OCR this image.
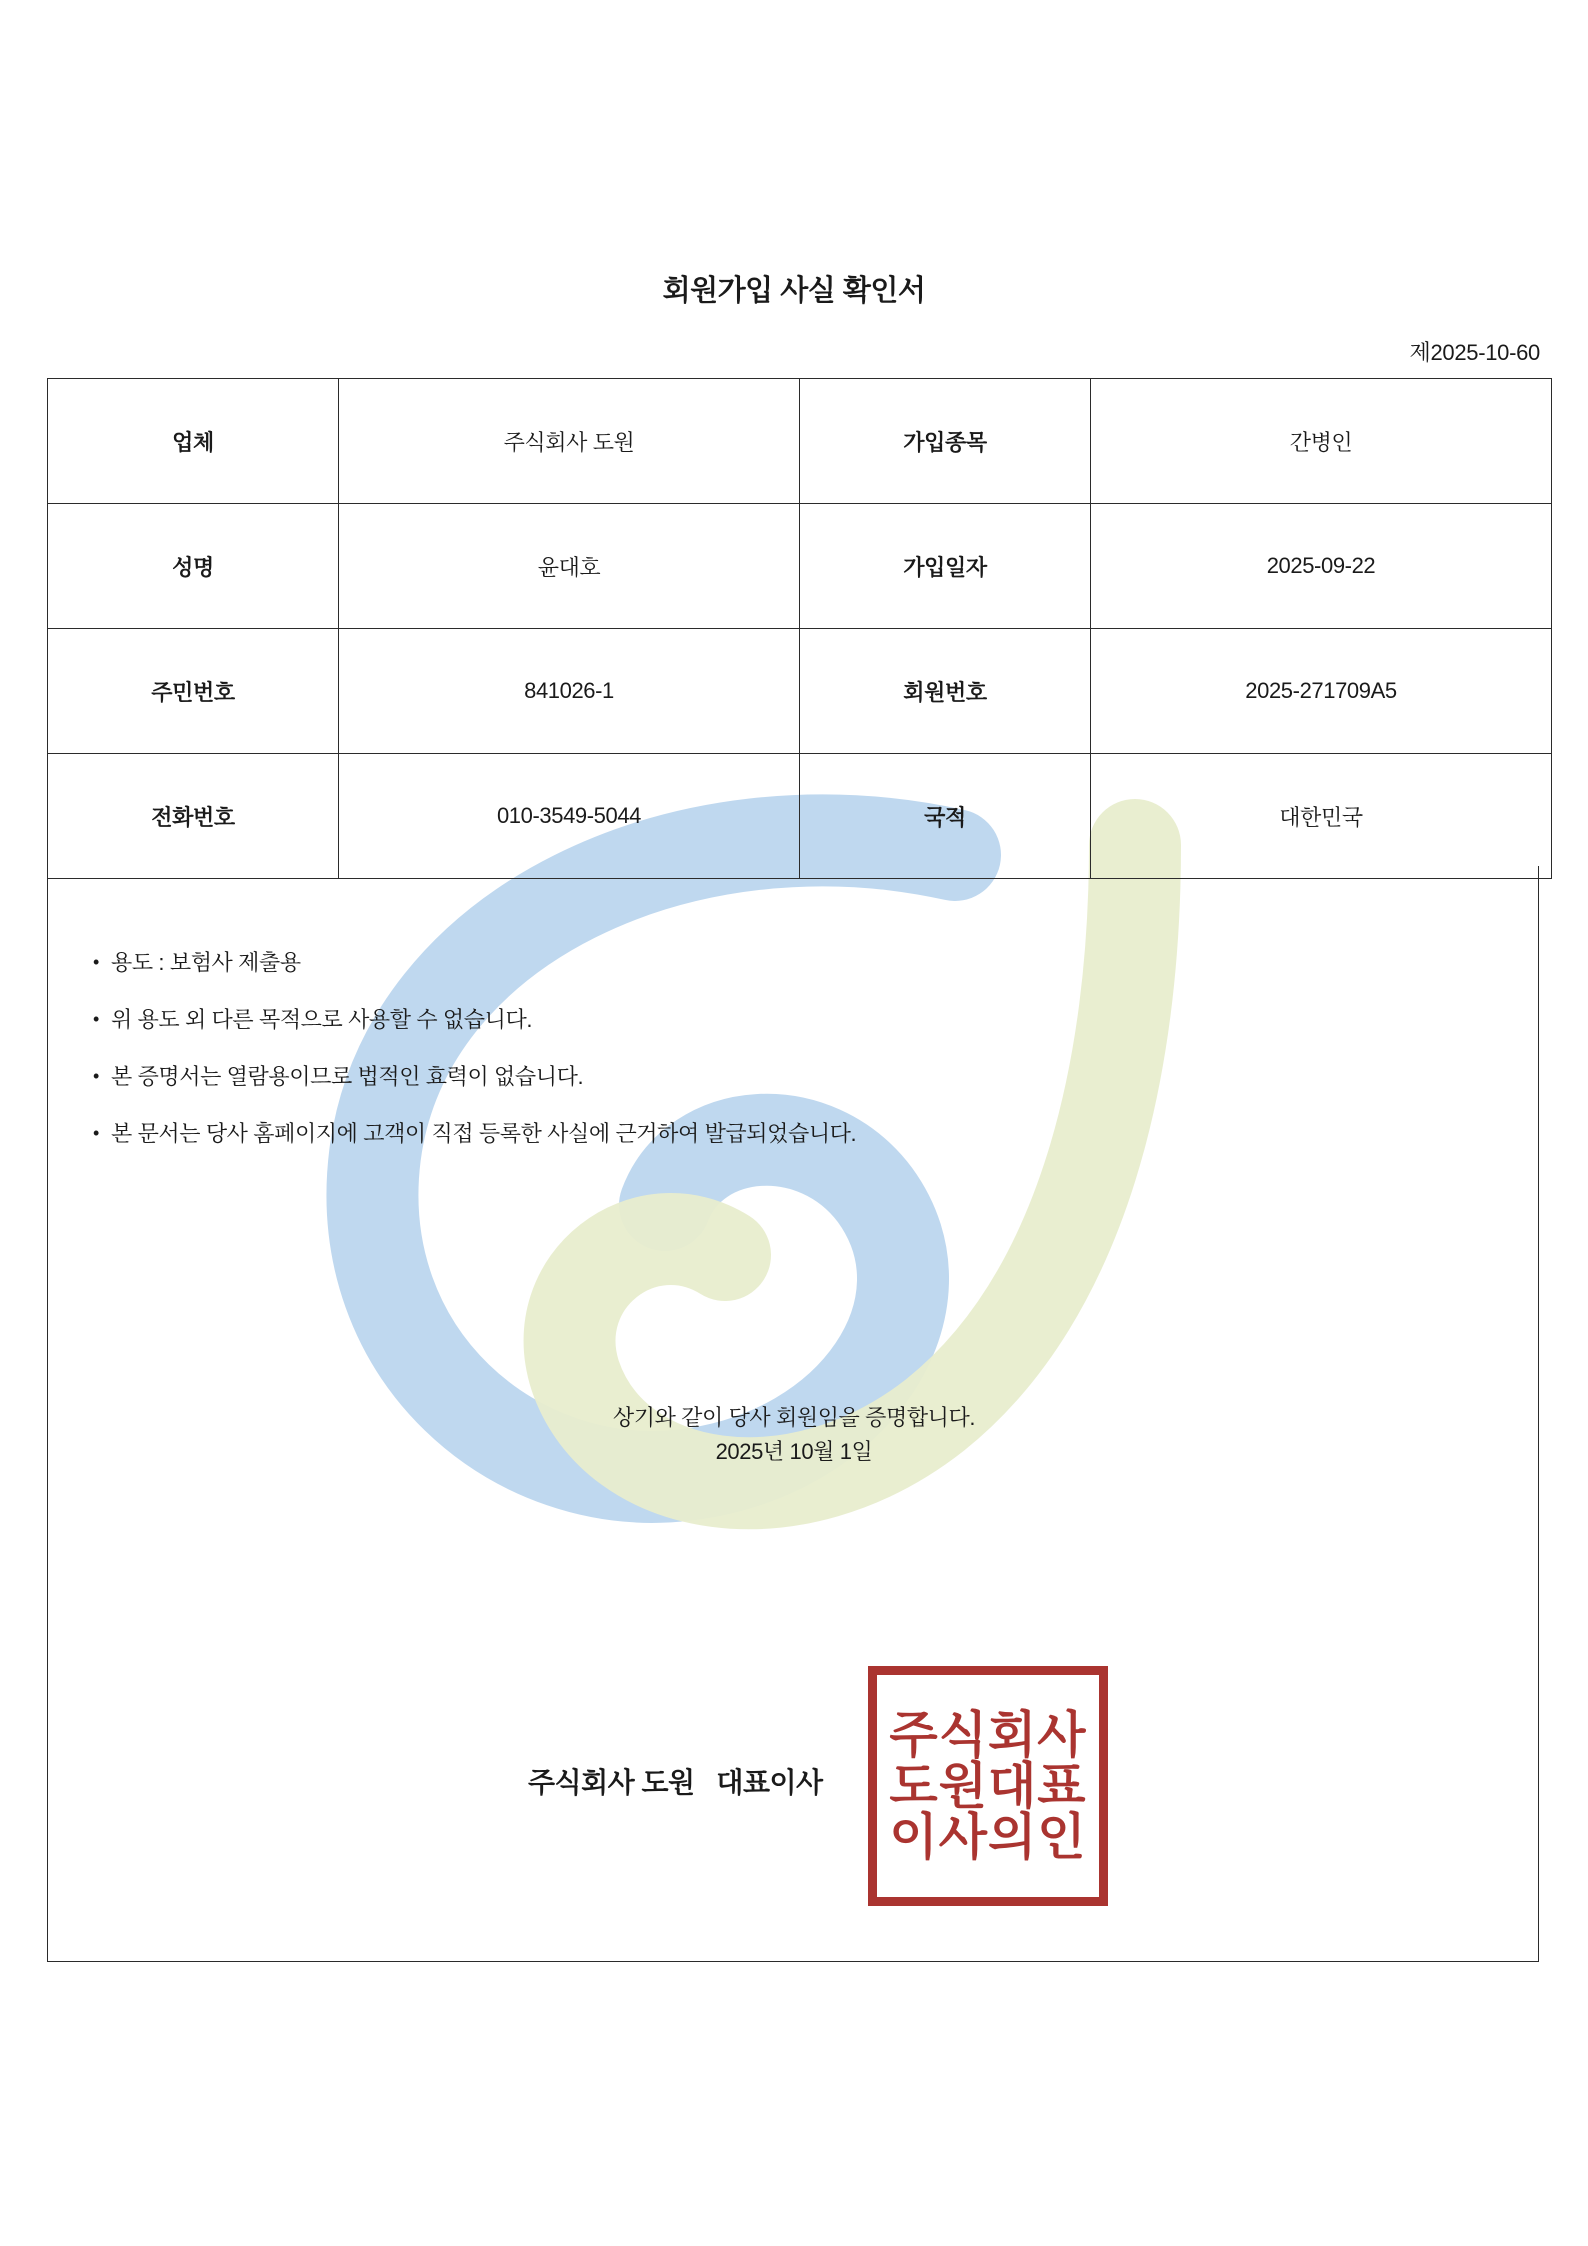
회원가입 사실 확인서
제2025-10-60
업체	주식회사 도원	가입종목	간병인
성명	윤대호	가입일자	2025-09-22
주민번호	841026-1	회원번호	2025-271709A5
전화번호	010-3549-5044	국적	대한민국
• 용도 : 보험사 제출용
• 위 용도 외 다른 목적으로 사용할 수 없습니다.
• 본 증명서는 열람용이므로 법적인 효력이 없습니다.
• 본 문서는 당사 홈페이지에 고객이 직접 등록한 사실에 근거하여 발급되었습니다.
상기와 같이 당사 회원임을 증명합니다.
2025년 10월 1일
주식회사 도원   대표이사
주식회사
도원대표
이사의인
